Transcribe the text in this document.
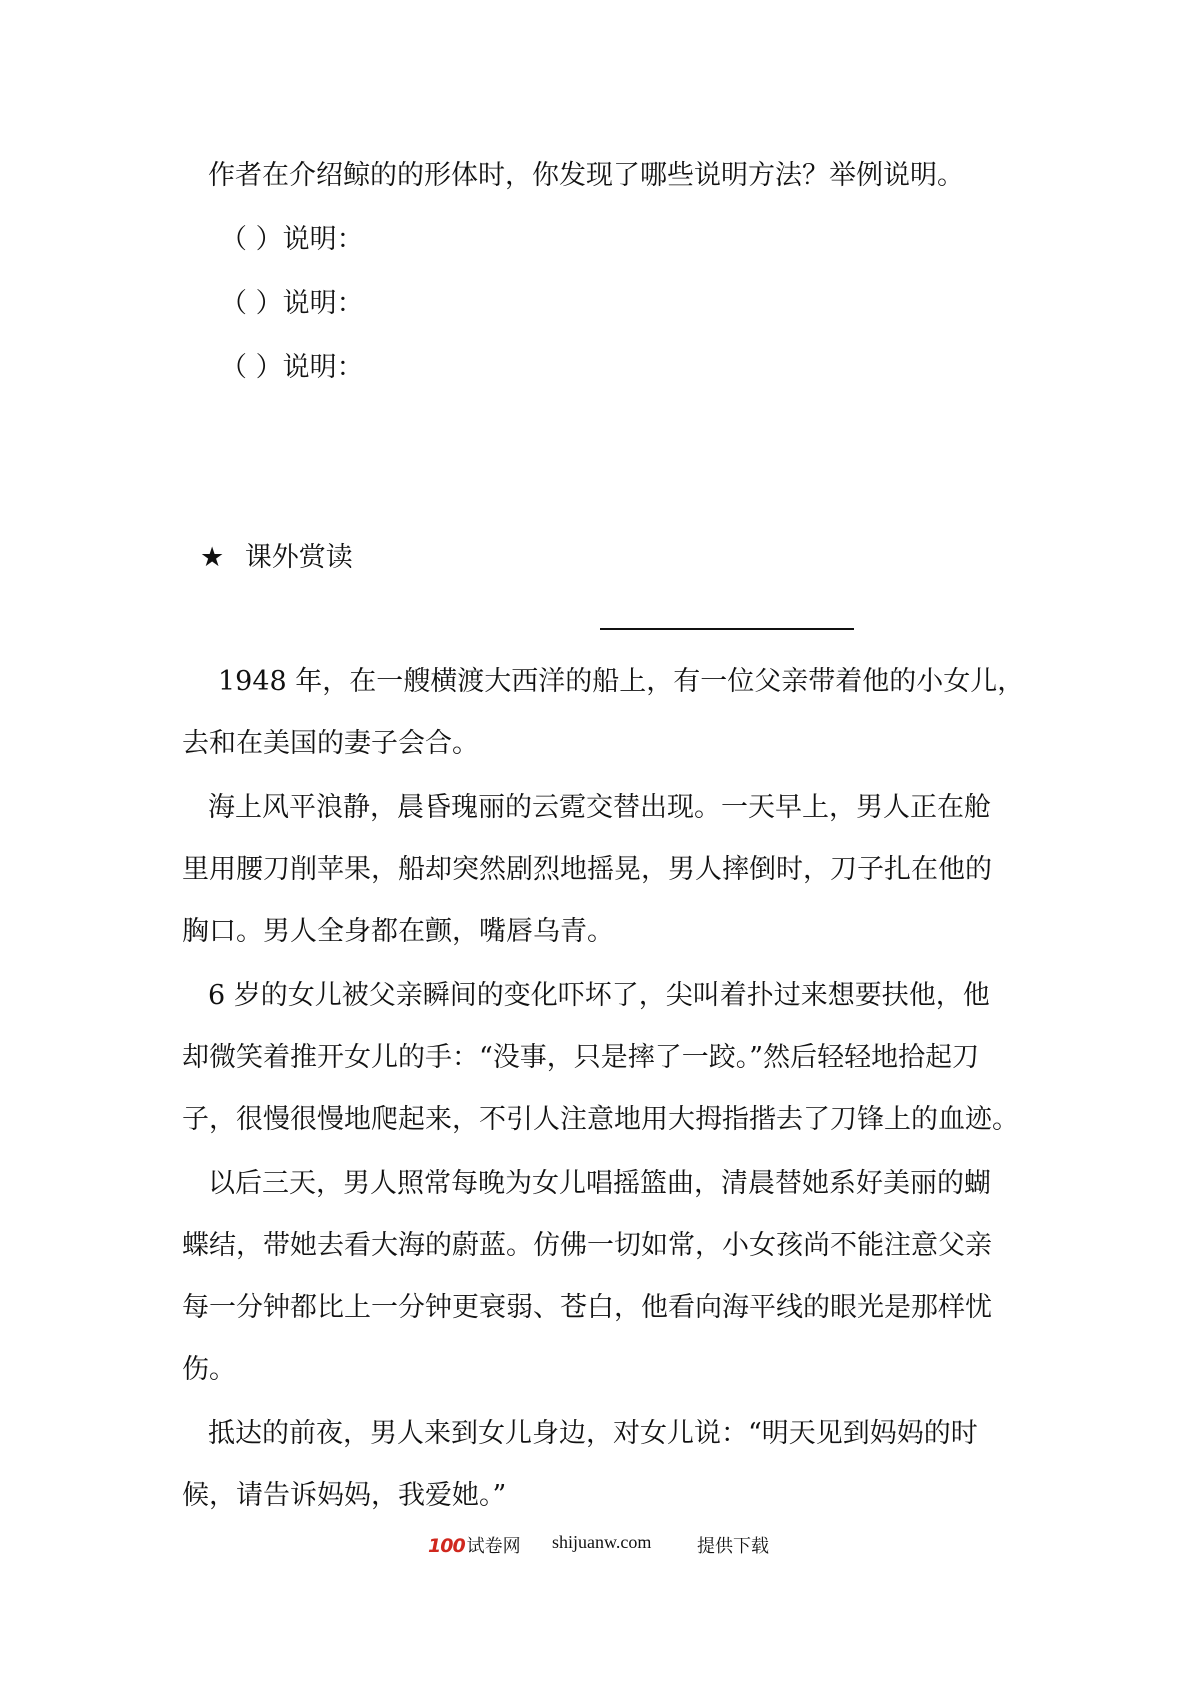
作者在介绍鲸的的形体时，你发现了哪些说明方法？举例说明。
（ ）说明：
（ ）说明：
（ ）说明：
★ 课外赏读
1948 年，在一艘横渡大西洋的船上，有一位父亲带着他的小女儿，
去和在美国的妻子会合。
海上风平浪静，晨昏瑰丽的云霓交替出现。一天早上，男人正在舱
里用腰刀削苹果，船却突然剧烈地摇晃，男人摔倒时，刀子扎在他的
胸口。男人全身都在颤，嘴唇乌青。
6 岁的女儿被父亲瞬间的变化吓坏了，尖叫着扑过来想要扶他，他
却微笑着推开女儿的手：“没事，只是摔了一跤。”然后轻轻地拾起刀
子，很慢很慢地爬起来，不引人注意地用大拇指揩去了刀锋上的血迹。
以后三天，男人照常每晚为女儿唱摇篮曲，清晨替她系好美丽的蝴
蝶结，带她去看大海的蔚蓝。仿佛一切如常，小女孩尚不能注意父亲
每一分钟都比上一分钟更衰弱、苍白，他看向海平线的眼光是那样忧
伤。
抵达的前夜，男人来到女儿身边，对女儿说：“明天见到妈妈的时
候，请告诉妈妈，我爱她。”
100 试卷网 shijuanw.com	提供下载
